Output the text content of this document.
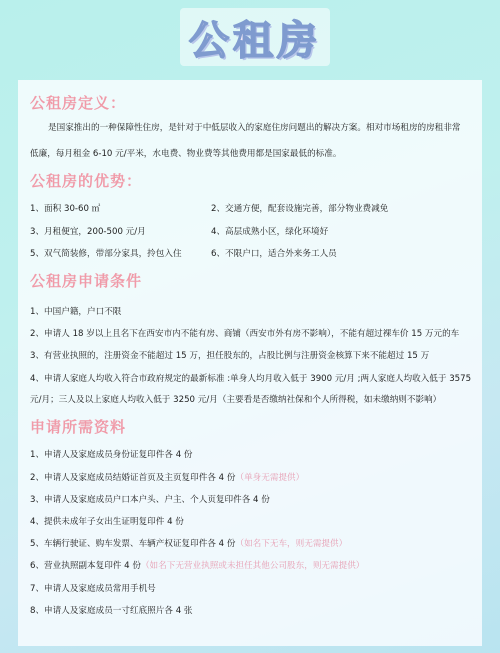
公租房
公租房定义：
是国家推出的一种保障性住房，是针对于中低层收入的家庭住房问题出的解决方案。相对市场租房的房租非常
低廉，每月租金 6-10 元/平米，水电费、物业费等其他费用都是国家最低的标准。
公租房的优势：
1、面积 30-60 ㎡	2、交通方便，配套设施完善，部分物业费减免
3、月租便宜，200-500 元/月	4、高层成熟小区，绿化环境好
5、双气简装修，带部分家具，拎包入住	6、不限户口，适合外来务工人员
公租房申请条件
1、中国户籍，户口不限
2、申请人 18 岁以上且名下在西安市内不能有房、商铺（西安市外有房不影响），不能有超过裸车价 15 万元的车
3、有营业执照的，注册资金不能超过 15 万，担任股东的，占股比例与注册资金核算下来不能超过 15 万
4、申请人家庭人均收入符合市政府规定的最新标准 :单身人均月收入低于 3900 元/月 ;两人家庭人均收入低于 3575
元/月；三人及以上家庭人均收入低于 3250 元/月（主要看是否缴纳社保和个人所得税，如未缴纳则不影响）
申请所需资料
1、申请人及家庭成员身份证复印件各 4 份
2、申请人及家庭成员结婚证首页及主页复印件各 4 份（单身无需提供）
3、申请人及家庭成员户口本户头、户主、个人页复印件各 4 份
4、提供未成年子女出生证明复印件 4 份
5、车辆行驶证、购车发票、车辆产权证复印件各 4 份（如名下无车，则无需提供）
6、营业执照副本复印件 4 份（如名下无营业执照或未担任其他公司股东，则无需提供）
7、申请人及家庭成员常用手机号
8、申请人及家庭成员一寸红底照片各 4 张
